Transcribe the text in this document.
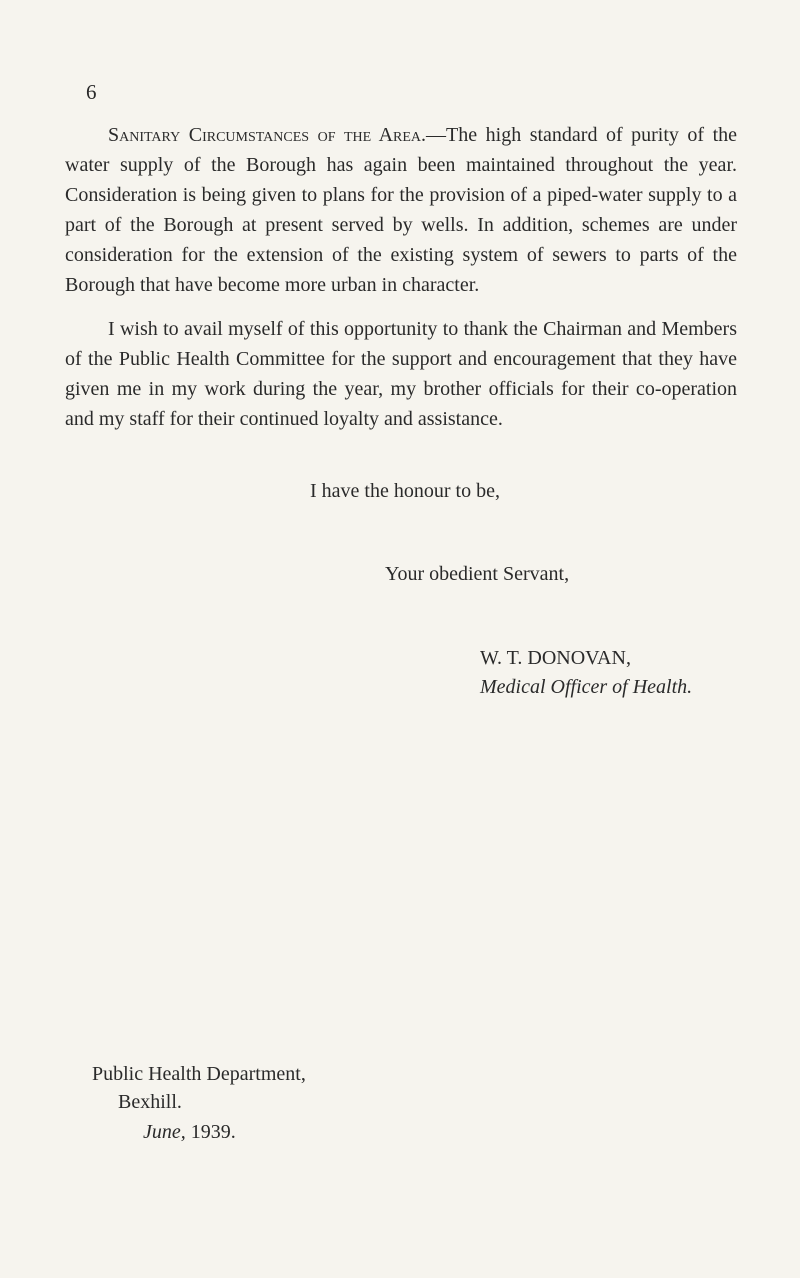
6

Sanitary Circumstances of the Area.—The high standard of purity of the water supply of the Borough has again been maintained throughout the year. Consideration is being given to plans for the provision of a piped-water supply to a part of the Borough at present served by wells. In addition, schemes are under consideration for the extension of the existing system of sewers to parts of the Borough that have become more urban in character.

I wish to avail myself of this opportunity to thank the Chairman and Members of the Public Health Committee for the support and encouragement that they have given me in my work during the year, my brother officials for their co-operation and my staff for their continued loyalty and assistance.

I have the honour to be,
Your obedient Servant,
W. T. DONOVAN,
Medical Officer of Health.
Public Health Department,
Bexhill.
June, 1939.
